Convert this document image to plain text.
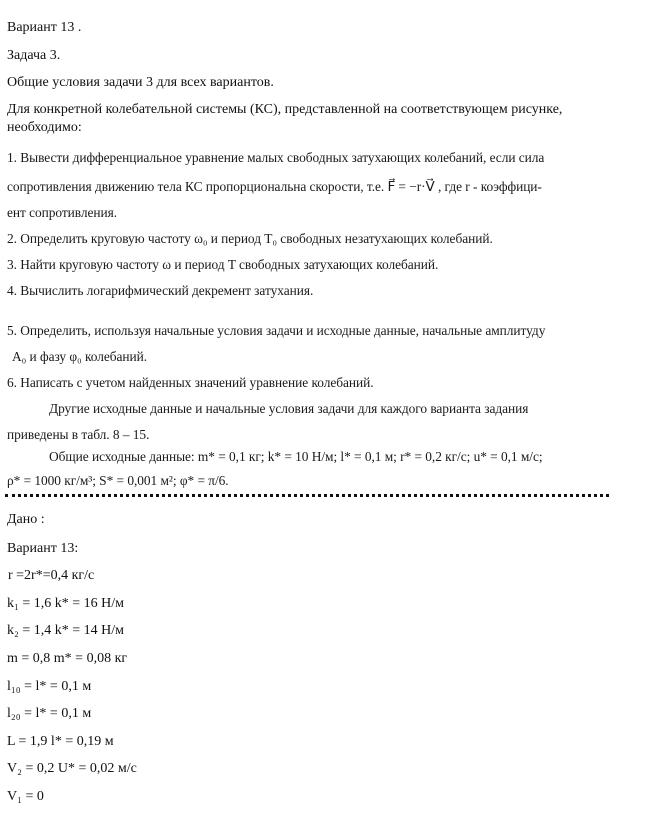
Вариант 13 .
Задача 3.
Общие условия задачи 3 для всех вариантов.
Для конкретной колебательной системы (КС), представленной на соответствующем рисунке,
необходимо:
1. Вывести дифференциальное уравнение малых свободных затухающих колебаний, если сила
сопротивления движению тела КС пропорциональна скорости, т.е. F⃗ = −r·V⃗ , где r - коэффици-
ент сопротивления.
2. Определить круговую частоту ω₀ и период T₀ свободных незатухающих колебаний.
3. Найти круговую частоту ω и период T свободных затухающих колебаний.
4. Вычислить логарифмический декремент затухания.
5. Определить, используя начальные условия задачи и исходные данные, начальные амплитуду
A₀ и фазу φ₀ колебаний.
6. Написать с учетом найденных значений уравнение колебаний.
Другие исходные данные и начальные условия задачи для каждого варианта задания
приведены в табл. 8 – 15.
Общие исходные данные: m* = 0,1 кг; k* = 10 Н/м; l* = 0,1 м; r* = 0,2 кг/с; u* = 0,1 м/с;
ρ* = 1000 кг/м³; S* = 0,001 м²; φ* = π/6.
Дано :
Вариант 13:
r =2r*=0,4 кг/с
k₁ = 1,6 k* = 16 Н/м
k₂ = 1,4 k* = 14 Н/м
m = 0,8 m* = 0,08 кг
l₁₀ = l* = 0,1 м
l₂₀ = l* = 0,1 м
L = 1,9 l* = 0,19 м
V₂ = 0,2 U* = 0,02 м/с
V₁ = 0
